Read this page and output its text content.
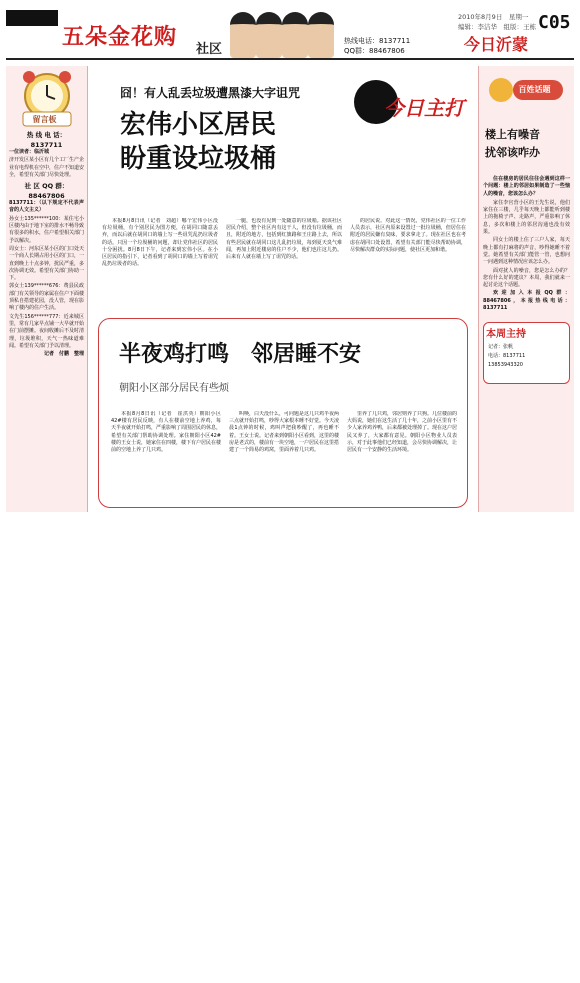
五朵金花购 社区
热线电话：8137711
QQ群：88467806
2010年8月9日　星期一
编辑：李洁华　组版：王栋
今日沂蒙
C05
留言板
热 线 电 话：
8137711

一位读者：临沂城

济开发区某小区有几个工厂生产企业有电焊机在空中，住户不知道安全，希望有关部门尽快处理。

社 区 QQ 群：
88467806

8137711：（以下规定不代表声音的人文主义）

孙女士135******100：某住宅小区楼内由于地下室的排水不畅导致有很多的积水，住户希望相关部门予以解决。

周女士：河东区某小区的门口处天一个商人长期占用小区的门口，一直到晚上十点多钟，扰民严重，多次协调无效。希望有关部门协助一下。

郭女士139******676：费县民政部门有关领导的家属在住户下面楼顶私自搭建花园，没人管，现在影响了楼内的住户生活。

文先生156******777：近来城区里，常有几家早点铺一大早就开始在门前摆摊。夜间收摊后不及时清理，垃圾堆积，天气一热味道难闻。希望有关部门予以清理。

记者　付鹏　整理

囧！有人乱丢垃圾遭黑漆大字诅咒
宏伟小区居民
盼重设垃圾桶
今日主打

本报8月8日讯（记者　刘超）哪个宏伟小区没有垃圾桶，有个别居民为图方便，在胡同口随意丢弃，而以后就在胡同口的墙上写一些诅咒乱扔垃圾者的话。只因一个垃圾桶的问题，却让党伟社区的居民十分困扰。8月8日下午，记者来到宏伟小区。在小区居民的指引下，记者看到了胡同口的墙上写着诅咒乱扔垃圾者的话。

一腿，也没有见到一处随意的垃圾箱。据该社区居民介绍，整个社区内有这干人，但没有垃圾桶，而且，附近的地方，包括到红旗路和王庄路上去，所以有些居民就在胡同口这儿乱扔垃圾，每到夏天臭气难闻，再加上附近楼房的住户不少，他们也往这儿扔。后来有人就在墙上写了诅咒的话。

的居民说。对此这一情况，党伟社区的一位工作人员表示，社区内原来设置过一批垃圾桶，但居住在附近的居民嫌有臭味，要求拿走了。现在社区也在考虑在胡同口处设置，希望有关部门能尽快帮助协调，尽快解决群众的实际问题，使社区更加和谐。

半夜鸡打鸣　邻居睡不安
朝阳小区部分居民有些烦

本报8月8日讯（记者　崔洪英）朝阳小区42#楼有居民反映，有人在楼前空地上养鸡，每天半夜就开始打鸣，严重影响了周围居民的休息，希望有关部门帮助协调处理。家住朝阳小区42#楼的王女士说，她家住在四楼，楼下有户居民在楼前的空地上养了几只鸡。

叫唤，白天没什么，可问题是这几只鸡半夜两三点就开始打鸣，吵得大家根本睡不好觉。今天凌晨1点钟的时候，鸡叫声把我吵醒了，再也睡不着。王女士说。记者来到朝阳小区看到，这里的楼房是老式的，楼前有一块空地，一户居民在这里搭建了一个简易的鸡窝，里面养着几只鸡。

里养了几只鸡，邻居则养了只狗。几位楼前的大妈说，她们在这生活了几十年，之前小区里有不少人家养鸡养鸭，后来都被处理掉了。现在这户居民又养了，大家都有意见。朝阳小区物业人员表示，对于此事他们已经知道，会尽快协调解决，让居民有一个安静的生活环境。

百姓话题
楼上有噪音
扰邻该咋办

住在楼房的居民往往会遇到这样一个问题：楼上的邻居如果制造了一些恼人的噪音，您该怎么办？

家住李官营小区的王先生说，他们家住在三楼，几乎每天晚上都能听到楼上的拖椅子声、走路声，严重影响了休息，多次和楼上的邻居沟通也没有效果。

同女士的楼上住了三户人家，每天晚上都有打麻将的声音，吵得她睡不着觉。她希望有关部门能管一管，也想问一问遇到这种情况应该怎么办。

面对扰人的噪音，您是怎么办的？您有什么好的建议？本周，我们就来一起讨论这个话题。

欢迎加入本报QQ群：88467806，本报热线电话：8137711

本周主持
记者：张帆
电话：8137711
13853943320
